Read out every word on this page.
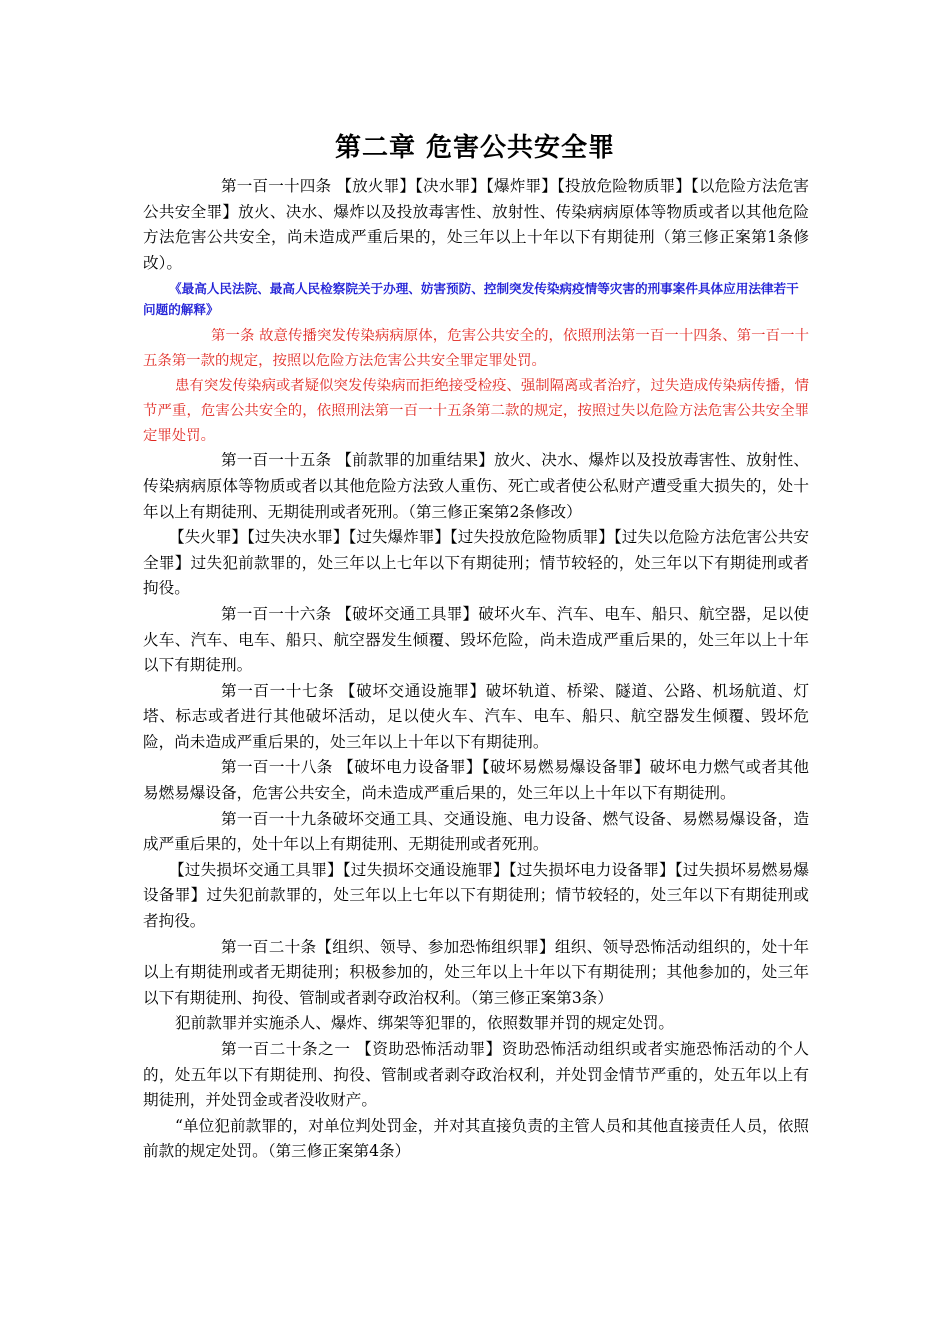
第二章 危害公共安全罪

第一百一十四条 【放火罪】【决水罪】【爆炸罪】【投放危险物质罪】【以危险方法危害公共安全罪】放火、决水、爆炸以及投放毒害性、放射性、传染病病原体等物质或者以其他危险方法危害公共安全，尚未造成严重后果的，处三年以上十年以下有期徒刑（第三修正案第1条修改）。

《最高人民法院、最高人民检察院关于办理、妨害预防、控制突发传染病疫情等灾害的刑事案件具体应用法律若干问题的解释》

第一条 故意传播突发传染病病原体，危害公共安全的，依照刑法第一百一十四条、第一百一十五条第一款的规定，按照以危险方法危害公共安全罪定罪处罚。

患有突发传染病或者疑似突发传染病而拒绝接受检疫、强制隔离或者治疗，过失造成传染病传播，情节严重，危害公共安全的，依照刑法第一百一十五条第二款的规定，按照过失以危险方法危害公共安全罪定罪处罚。

第一百一十五条 【前款罪的加重结果】放火、决水、爆炸以及投放毒害性、放射性、传染病病原体等物质或者以其他危险方法致人重伤、死亡或者使公私财产遭受重大损失的，处十年以上有期徒刑、无期徒刑或者死刑。（第三修正案第2条修改）

【失火罪】【过失决水罪】【过失爆炸罪】【过失投放危险物质罪】【过失以危险方法危害公共安全罪】过失犯前款罪的，处三年以上七年以下有期徒刑；情节较轻的，处三年以下有期徒刑或者拘役。

第一百一十六条 【破坏交通工具罪】破坏火车、汽车、电车、船只、航空器，足以使火车、汽车、电车、船只、航空器发生倾覆、毁坏危险，尚未造成严重后果的，处三年以上十年以下有期徒刑。

第一百一十七条 【破坏交通设施罪】破坏轨道、桥梁、隧道、公路、机场航道、灯塔、标志或者进行其他破坏活动，足以使火车、汽车、电车、船只、航空器发生倾覆、毁坏危险，尚未造成严重后果的，处三年以上十年以下有期徒刑。

第一百一十八条 【破坏电力设备罪】【破坏易燃易爆设备罪】破坏电力燃气或者其他易燃易爆设备，危害公共安全，尚未造成严重后果的，处三年以上十年以下有期徒刑。

第一百一十九条破坏交通工具、交通设施、电力设备、燃气设备、易燃易爆设备，造成严重后果的，处十年以上有期徒刑、无期徒刑或者死刑。

【过失损坏交通工具罪】【过失损坏交通设施罪】【过失损坏电力设备罪】【过失损坏易燃易爆设备罪】过失犯前款罪的，处三年以上七年以下有期徒刑；情节较轻的，处三年以下有期徒刑或者拘役。

第一百二十条【组织、领导、参加恐怖组织罪】组织、领导恐怖活动组织的，处十年以上有期徒刑或者无期徒刑；积极参加的，处三年以上十年以下有期徒刑；其他参加的，处三年以下有期徒刑、拘役、管制或者剥夺政治权利。（第三修正案第3条）

犯前款罪并实施杀人、爆炸、绑架等犯罪的，依照数罪并罚的规定处罚。

第一百二十条之一 【资助恐怖活动罪】资助恐怖活动组织或者实施恐怖活动的个人的，处五年以下有期徒刑、拘役、管制或者剥夺政治权利，并处罚金情节严重的，处五年以上有期徒刑，并处罚金或者没收财产。

“单位犯前款罪的，对单位判处罚金，并对其直接负责的主管人员和其他直接责任人员，依照前款的规定处罚。（第三修正案第4条）
